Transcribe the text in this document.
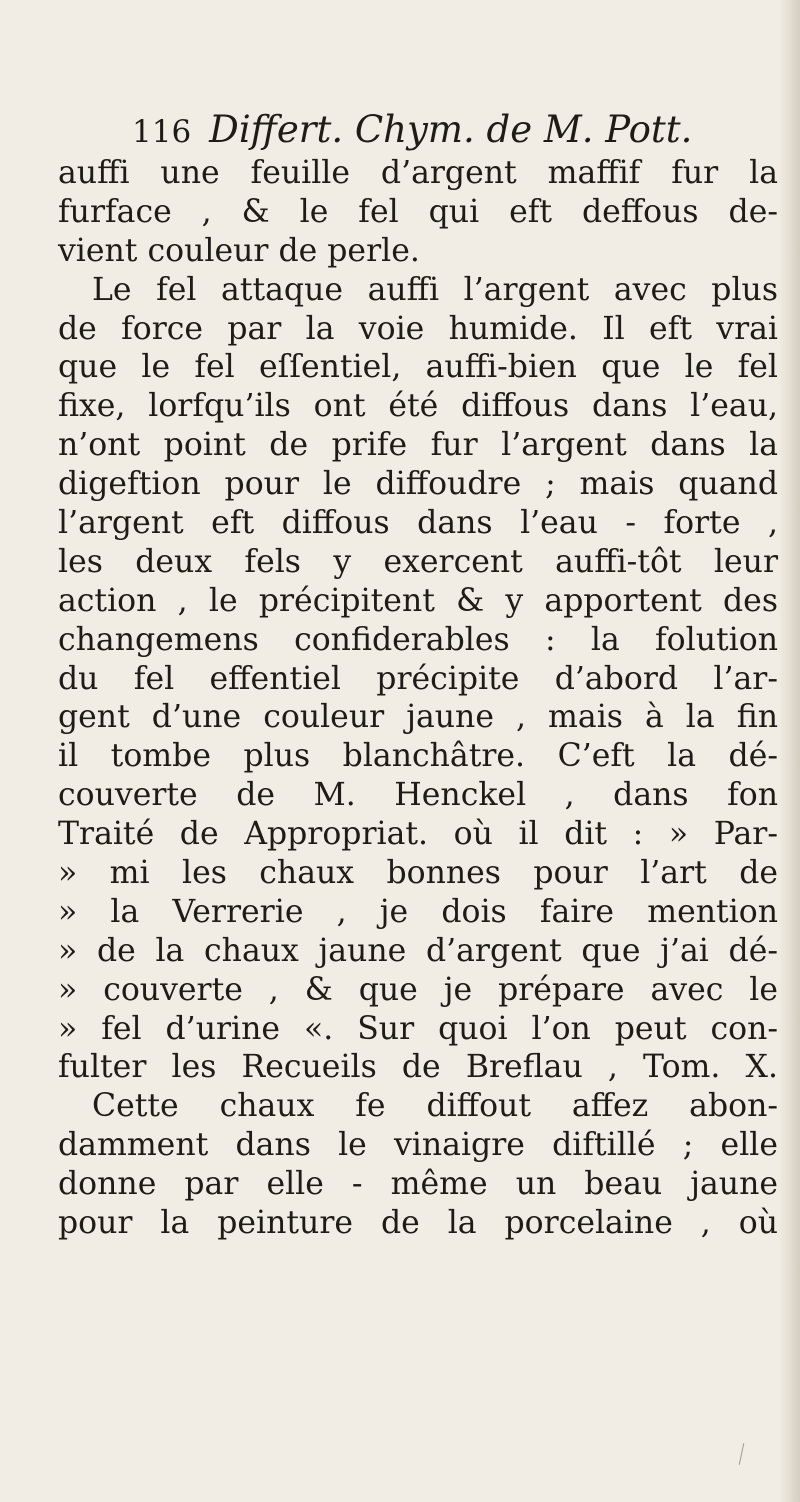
116 Differt. Chym. de M. Pott.
auffi une feuille d’argent maffif fur la
furface , & le fel qui eft deffous de-
vient couleur de perle.
Le fel attaque auffi l’argent avec plus
de force par la voie humide. Il eft vrai
que le fel eſſentiel, auffi-bien que le fel
fixe, lorfqu’ils ont été diffous dans l’eau,
n’ont point de prife fur l’argent dans la
digeftion pour le diffoudre ; mais quand
l’argent eft diffous dans l’eau - forte ,
les deux fels y exercent auffi-tôt leur
action , le précipitent & y apportent des
changemens confiderables : la folution
du fel effentiel précipite d’abord l’ar-
gent d’une couleur jaune , mais à la fin
il tombe plus blanchâtre. C’eft la dé-
couverte de M. Henckel , dans fon
Traité de Appropriat. où il dit : » Par-
» mi les chaux bonnes pour l’art de
» la Verrerie , je dois faire mention
» de la chaux jaune d’argent que j’ai dé-
» couverte , & que je prépare avec le
» fel d’urine «. Sur quoi l’on peut con-
fulter les Recueils de Breflau , Tom. X.
Cette chaux fe diffout affez abon-
damment dans le vinaigre diftillé ; elle
donne par elle - même un beau jaune
pour la peinture de la porcelaine , où
